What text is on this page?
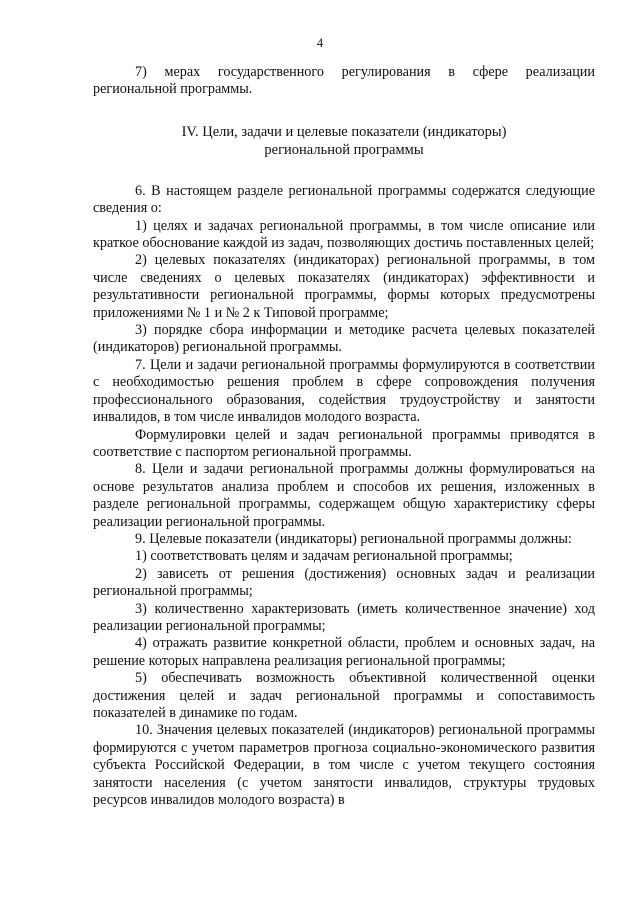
4

7) мерах государственного регулирования в сфере реализации региональной программы.

IV. Цели, задачи и целевые показатели (индикаторы)
региональной программы

6. В настоящем разделе региональной программы содержатся следующие сведения о:

1) целях и задачах региональной программы, в том числе описание или краткое обоснование каждой из задач, позволяющих достичь поставленных целей;

2) целевых показателях (индикаторах) региональной программы, в том числе сведениях о целевых показателях (индикаторах) эффективности и результативности региональной программы, формы которых предусмотрены приложениями № 1 и № 2 к Типовой программе;

3) порядке сбора информации и методике расчета целевых показателей (индикаторов) региональной программы.

7. Цели и задачи региональной программы формулируются в соответствии с необходимостью решения проблем в сфере сопровождения получения профессионального образования, содействия трудоустройству и занятости инвалидов, в том числе инвалидов молодого возраста.

Формулировки целей и задач региональной программы приводятся в соответствие с паспортом региональной программы.

8. Цели и задачи региональной программы должны формулироваться на основе результатов анализа проблем и способов их решения, изложенных в разделе региональной программы, содержащем общую характеристику сферы реализации региональной программы.

9. Целевые показатели (индикаторы) региональной программы должны:

1) соответствовать целям и задачам региональной программы;

2) зависеть от решения (достижения) основных задач и реализации региональной программы;

3) количественно характеризовать (иметь количественное значение) ход реализации региональной программы;

4) отражать развитие конкретной области, проблем и основных задач, на решение которых направлена реализация региональной программы;

5) обеспечивать возможность объективной количественной оценки достижения целей и задач региональной программы и сопоставимость показателей в динамике по годам.

10. Значения целевых показателей (индикаторов) региональной программы формируются с учетом параметров прогноза социально-экономического развития субъекта Российской Федерации, в том числе с учетом текущего состояния занятости населения (с учетом занятости инвалидов, структуры трудовых ресурсов инвалидов молодого возраста) в
